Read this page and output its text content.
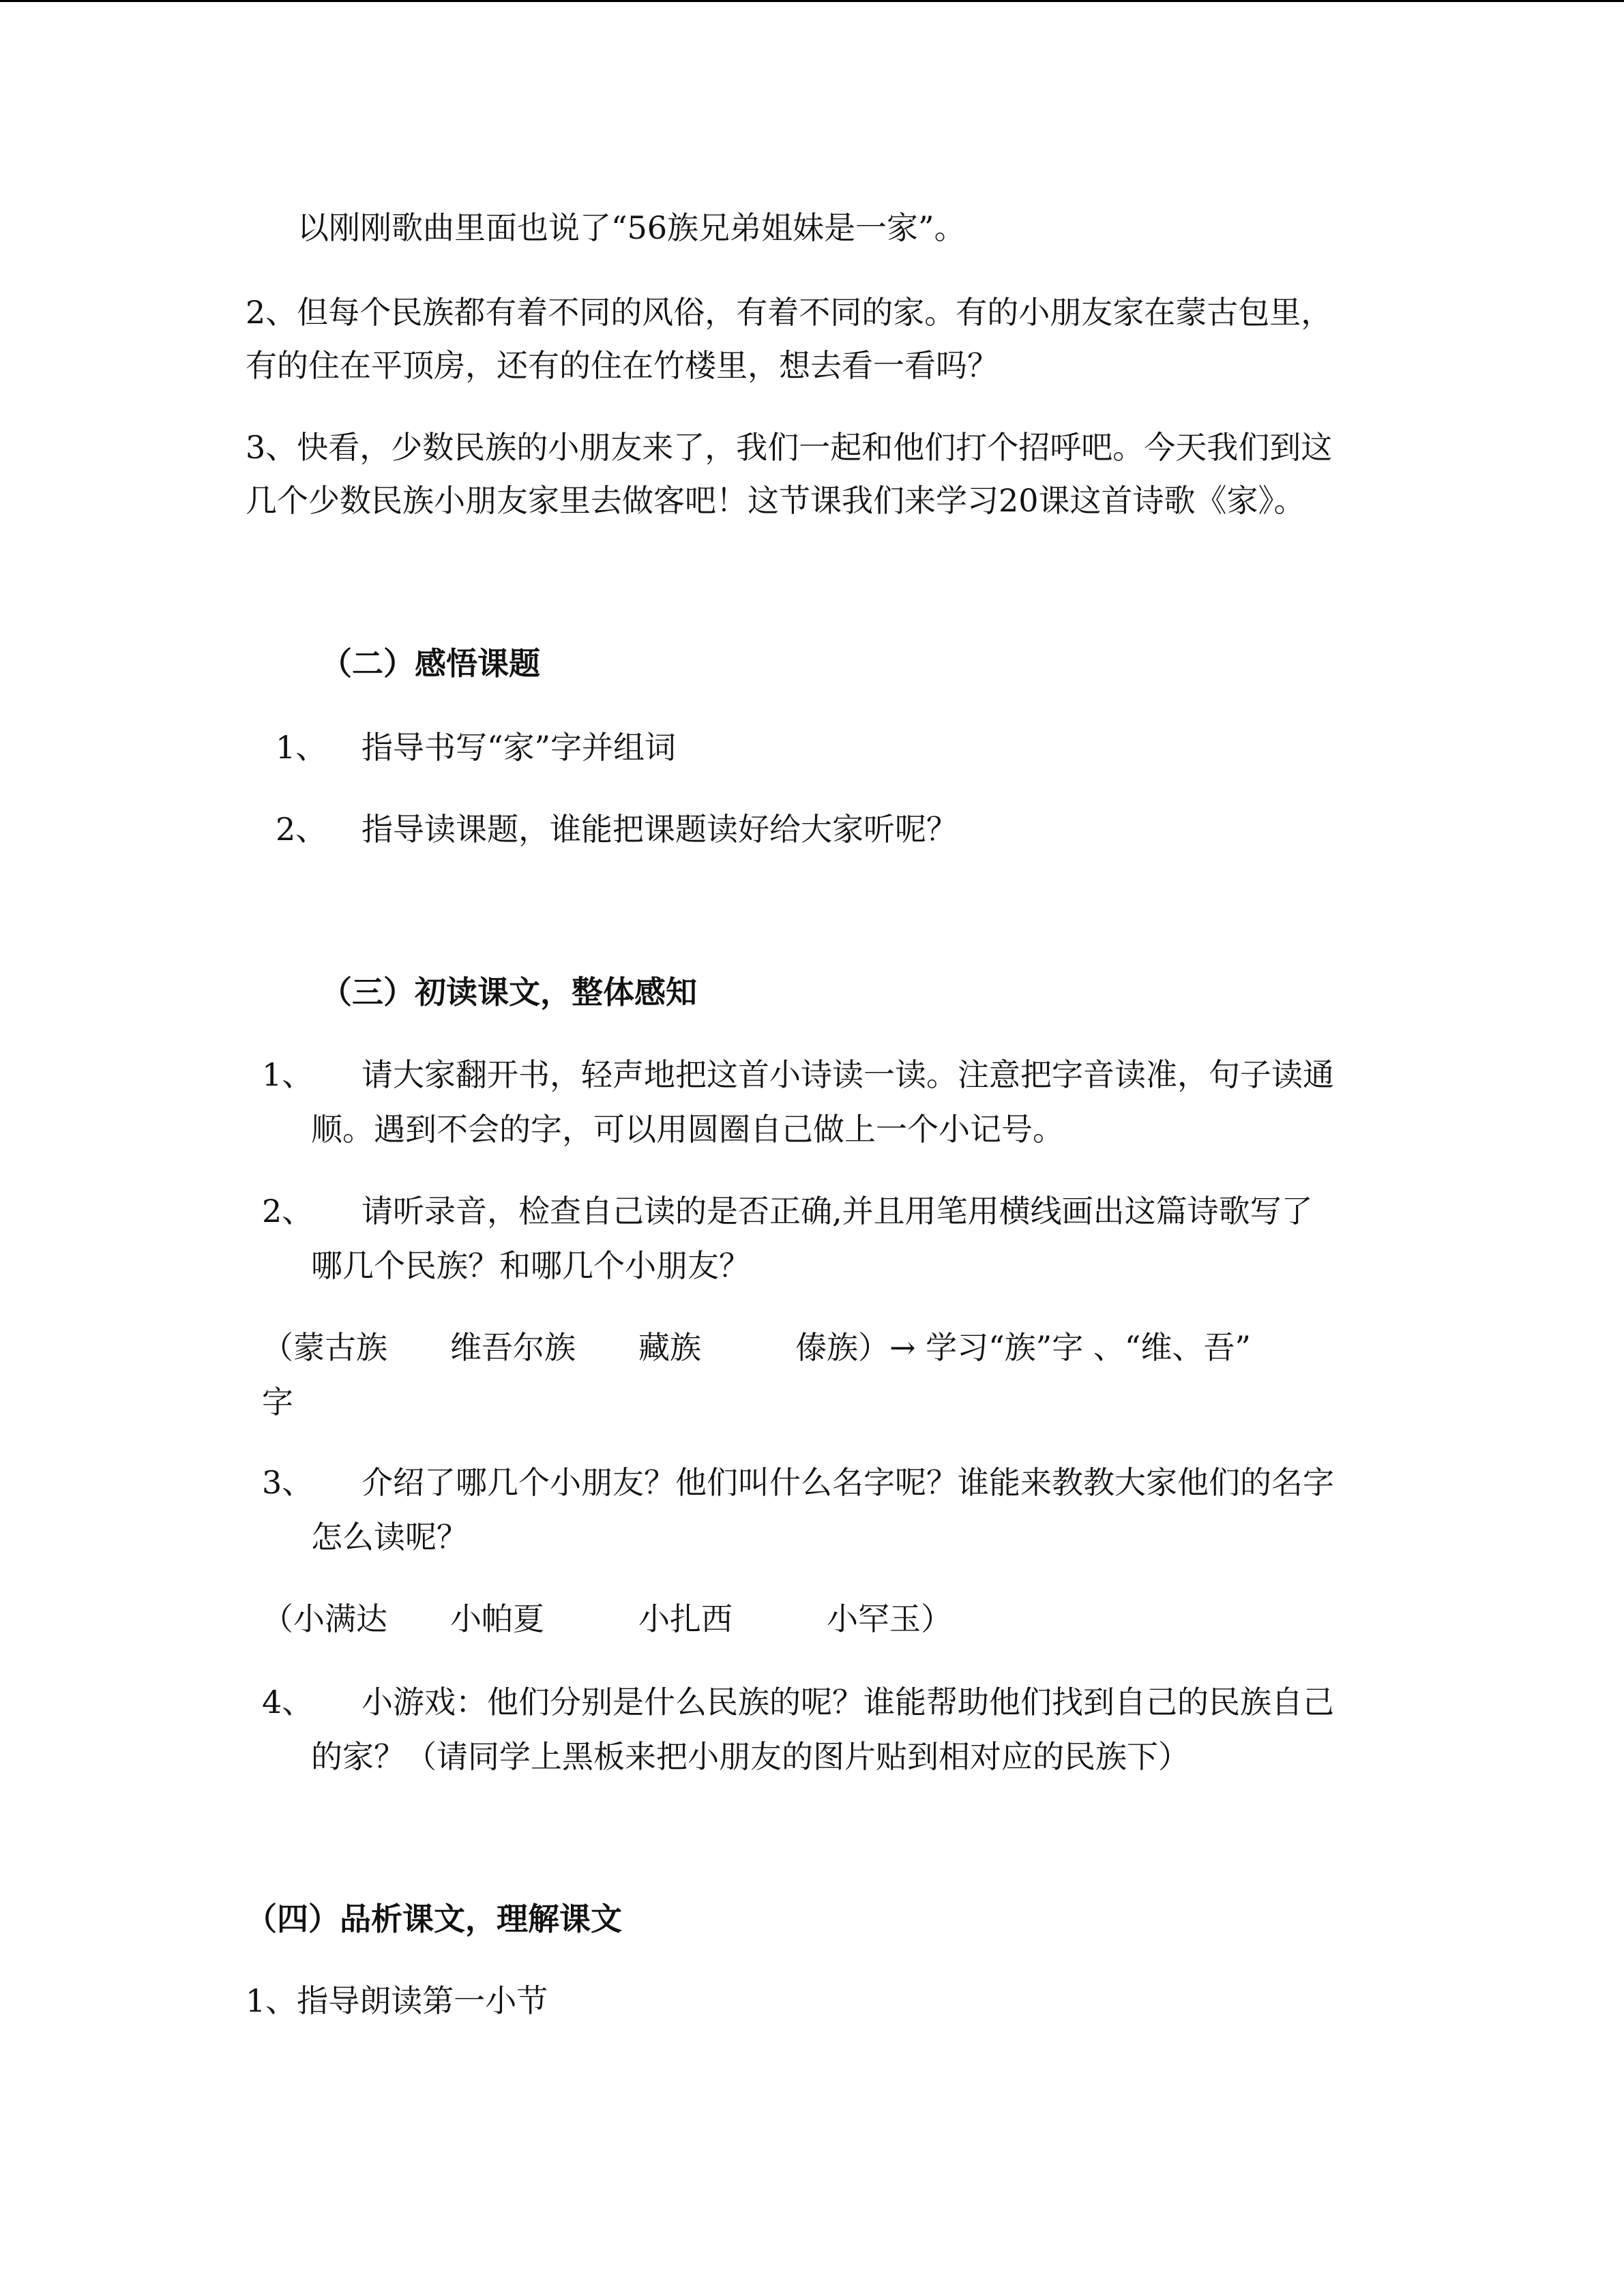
以刚刚歌曲里面也说了“56族兄弟姐妹是一家”。
2、但每个民族都有着不同的风俗，有着不同的家。有的小朋友家在蒙古包里，
有的住在平顶房，还有的住在竹楼里，想去看一看吗？
3、快看，少数民族的小朋友来了，我们一起和他们打个招呼吧。今天我们到这
几个少数民族小朋友家里去做客吧！这节课我们来学习20课这首诗歌《家》。
（二）感悟课题
1、 指导书写“家”字并组词
2、 指导读课题，谁能把课题读好给大家听呢？
（三）初读课文，整体感知
1、 请大家翻开书，轻声地把这首小诗读一读。注意把字音读准，句子读通
顺。遇到不会的字，可以用圆圈自己做上一个小记号。
2、 请听录音，检查自己读的是否正确,并且用笔用横线画出这篇诗歌写了
哪几个民族？和哪几个小朋友？
（蒙古族　　维吾尔族　　藏族　　　傣族）→ 学习“族”字 、“维、吾”
字
3、 介绍了哪几个小朋友？他们叫什么名字呢？谁能来教教大家他们的名字
怎么读呢？
（小满达　　小帕夏　　　小扎西　　　小罕玉）
4、 小游戏：他们分别是什么民族的呢？谁能帮助他们找到自己的民族自己
的家？（请同学上黑板来把小朋友的图片贴到相对应的民族下）
（四）品析课文，理解课文
1、指导朗读第一小节
